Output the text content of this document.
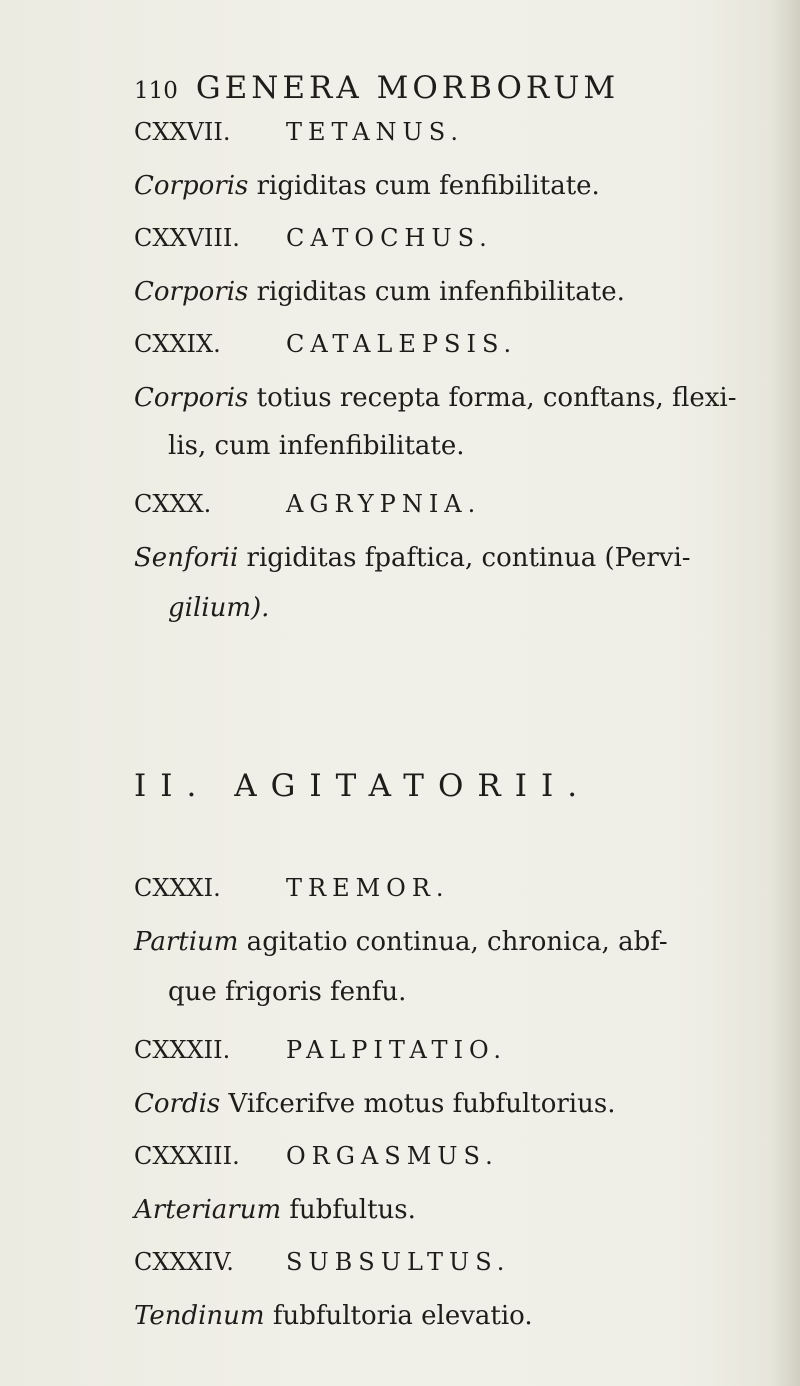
110 GENERA MORBORUM
CXXVII. TETANUS.
Corporis rigiditas cum fenfibilitate.
CXXVIII. CATOCHUS.
Corporis rigiditas cum infenfibilitate.
CXXIX.	CATALEPSIS.
Corporis totius recepta forma, conftans, flexi-
lis, cum infenfibilitate.
CXXX.	AGRYPNIA.
Senforii rigiditas fpaftica, continua (Pervi-
gilium).
II. AGITATORII.
CXXXI.	TREMOR.
Partium agitatio continua, chronica, abf-
que frigoris fenfu.
CXXXII. PALPITATIO.
Cordis Vifcerifve motus fubfultorius.
CXXXIII. ORGASMUS.
Arteriarum fubfultus.
CXXXIV. SUBSULTUS.
Tendinum fubfultoria elevatio.
